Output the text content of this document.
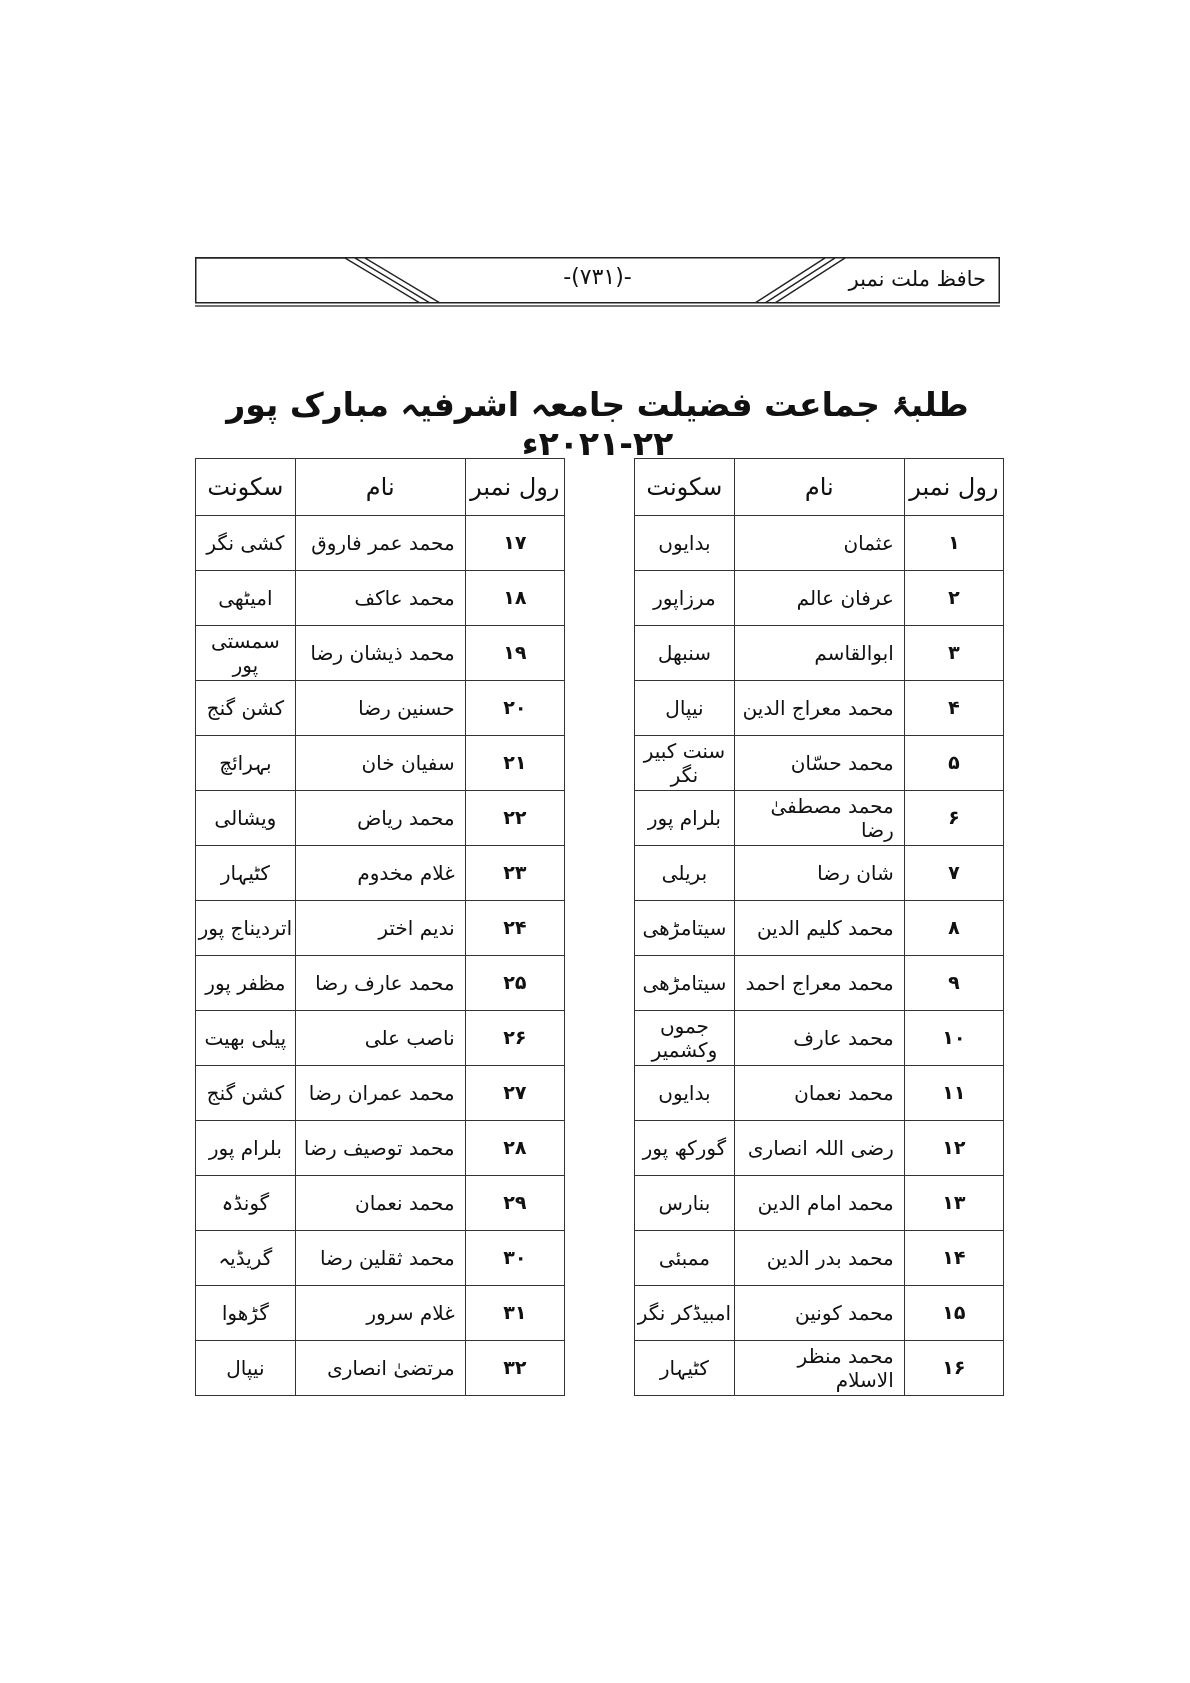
حافظ ملت نمبر
-(۷۳۱)-
طلبۂ جماعت فضیلت جامعہ اشرفیہ مبارک پور ۲۲-۲۰۲۱ء
رول نمبر	نام	سکونت
۱	عثمان	بدایوں
۲	عرفان عالم	مرزاپور
۳	ابوالقاسم	سنبھل
۴	محمد معراج الدین	نیپال
۵	محمد حسّان	سنت کبیر نگر
۶	محمد مصطفیٰ رضا	بلرام پور
۷	شان رضا	بریلی
۸	محمد کلیم الدین	سیتامڑھی
۹	محمد معراج احمد	سیتامڑھی
۱۰	محمد عارف	جموں وکشمیر
۱۱	محمد نعمان	بدایوں
۱۲	رضی اللہ انصاری	گورکھ پور
۱۳	محمد امام الدین	بنارس
۱۴	محمد بدر الدین	ممبئی
۱۵	محمد کونین	امبیڈکر نگر
۱۶	محمد منظر الاسلام	کٹیہار
رول نمبر	نام	سکونت
۱۷	محمد عمر فاروق	کشی نگر
۱۸	محمد عاکف	امیٹھی
۱۹	محمد ذیشان رضا	سمستی پور
۲۰	حسنین رضا	کشن گنج
۲۱	سفیان خان	بہرائچ
۲۲	محمد ریاض	ویشالی
۲۳	غلام مخدوم	کٹیہار
۲۴	ندیم اختر	اتردیناج پور
۲۵	محمد عارف رضا	مظفر پور
۲۶	ناصب علی	پیلی بھیت
۲۷	محمد عمران رضا	کشن گنج
۲۸	محمد توصیف رضا	بلرام پور
۲۹	محمد نعمان	گونڈہ
۳۰	محمد ثقلین رضا	گریڈیہ
۳۱	غلام سرور	گڑھوا
۳۲	مرتضیٰ انصاری	نیپال
